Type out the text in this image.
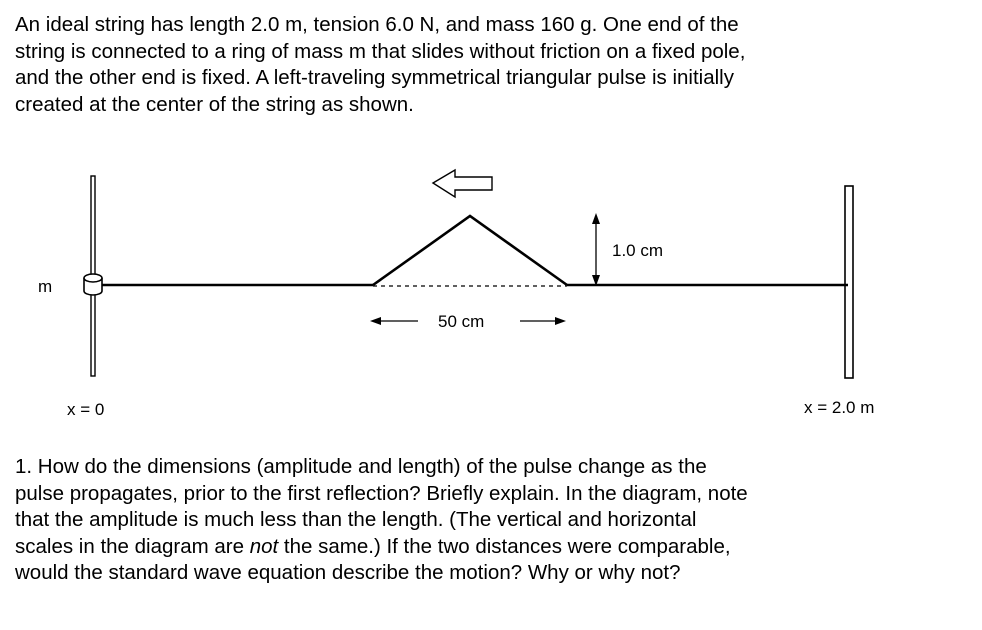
An ideal string has length 2.0 m, tension 6.0 N, and mass 160 g. One end of the
string is connected to a ring of mass m that slides without friction on a fixed pole,
and the other end is fixed. A left-traveling symmetrical triangular pulse is initially
created at the center of the string as shown.
m
1.0 cm
50 cm
x = 0	x = 2.0 m
1. How do the dimensions (amplitude and length) of the pulse change as the
pulse propagates, prior to the first reflection? Briefly explain. In the diagram, note
that the amplitude is much less than the length. (The vertical and horizontal
scales in the diagram are not the same.) If the two distances were comparable,
would the standard wave equation describe the motion? Why or why not?
